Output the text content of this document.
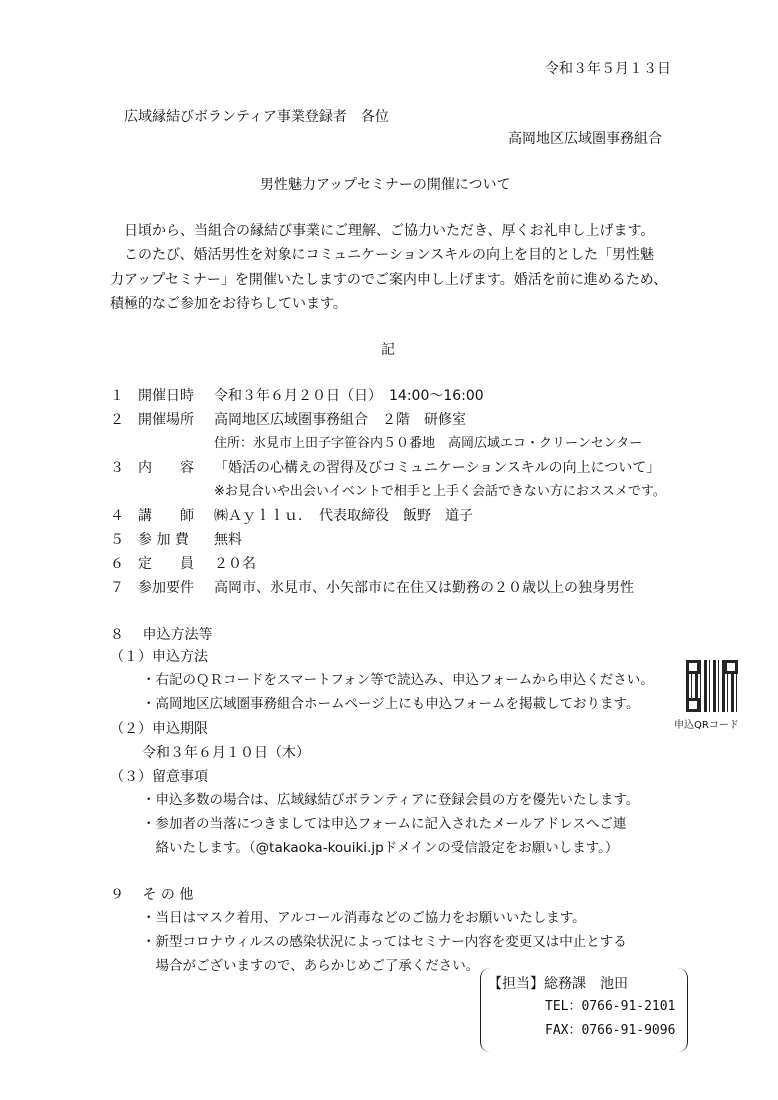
令和３年５月１３日
広域縁結びボランティア事業登録者　各位
高岡地区広域圏事務組合
男性魅力アップセミナーの開催について
日頃から、当組合の縁結び事業にご理解、ご協力いただき、厚くお礼申し上げます。
このたび、婚活男性を対象にコミュニケーションスキルの向上を目的とした「男性魅
力アップセミナー」を開催いたしますのでご案内申し上げます。婚活を前に進めるため、
積極的なご参加をお待ちしています。
記
１ 開催日時 令和３年６月２０日（日）　14:00～16:00
２ 開催場所 高岡地区広域圏事務組合　２階　研修室
住所：氷見市上田子字笹谷内５０番地　高岡広域エコ・クリーンセンター
３ 内　　容 「婚活の心構えの習得及びコミュニケーションスキルの向上について」
※お見合いや出会いイベントで相手と上手く会話できない方におススメです。
４ 講　　師 ㈱Ａｙｌｌｕ．　代表取締役　飯野　道子
５ 参 加 費 無料
６ 定　　員 ２０名
７ 参加要件 高岡市、氷見市、小矢部市に在住又は勤務の２０歳以上の独身男性
８　 申込方法等
（１）申込方法
・右記のＱＲコードをスマートフォン等で読込み、申込フォームから申込ください。
・高岡地区広域圏事務組合ホームページ上にも申込フォームを掲載しております。
申込QRコード
（２）申込期限
令和３年６月１０日（木）
（３）留意事項
・申込多数の場合は、広域縁結びボランティアに登録会員の方を優先いたします。
・参加者の当落につきましては申込フォームに記入されたメールアドレスへご連
　絡いたします。（@takaoka-kouiki.jpドメインの受信設定をお願いします。）
９　 そ の 他
・当日はマスク着用、アルコール消毒などのご協力をお願いいたします。
・新型コロナウィルスの感染状況によってはセミナー内容を変更又は中止とする
　場合がございますので、あらかじめご了承ください。
【担当】総務課　池田
TEL：0766-91-2101
FAX：0766-91-9096
